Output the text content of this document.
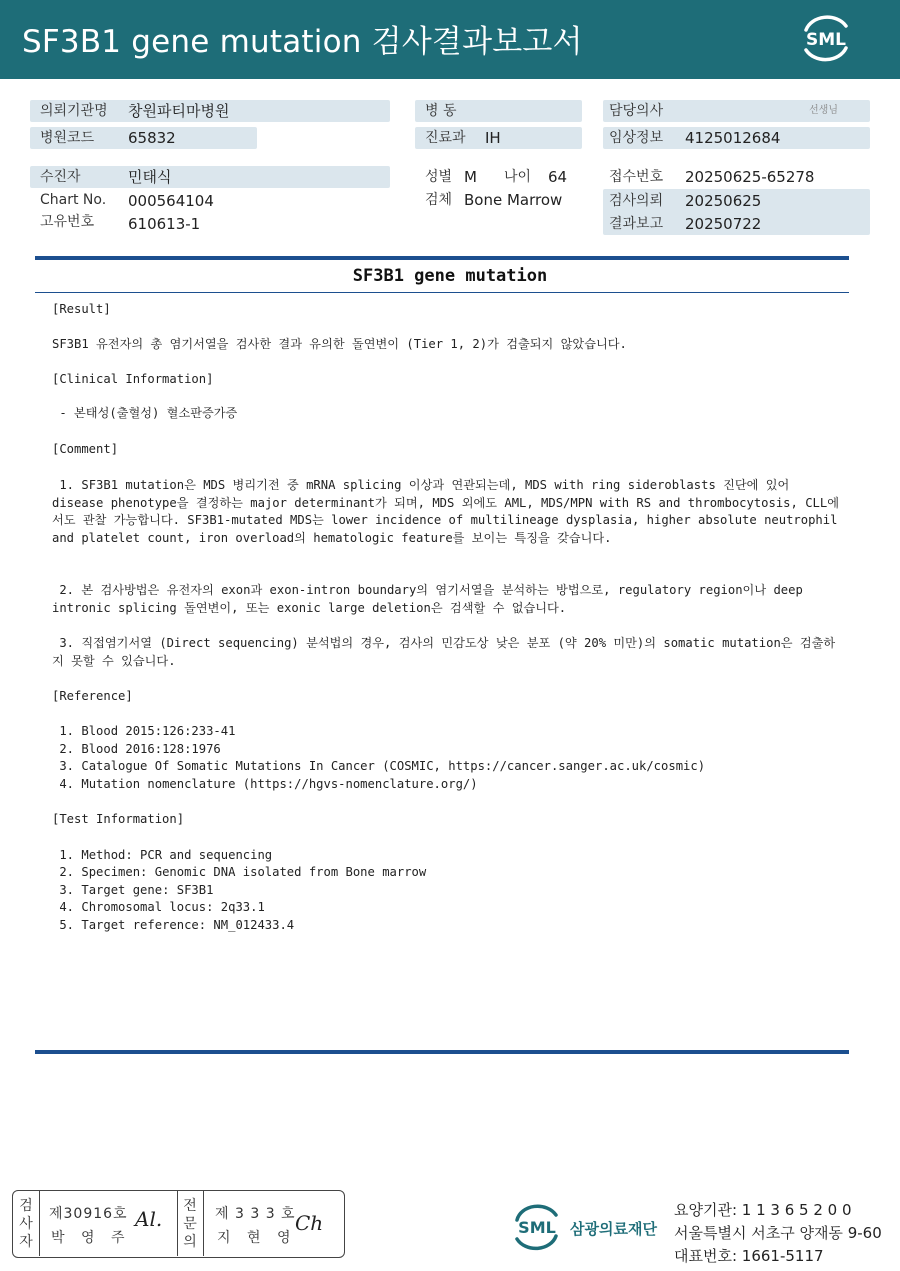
SF3B1 gene mutation 검사결과보고서	SML
의뢰기관명 창원파티마병원
병원코드 65832
수진자	민태식
Chart No. 000564104
고유번호 610613-1
병 동
진료과 IH
성별 M 나이 64
검체 Bone Marrow
담당의사	선생님
임상정보 4125012684
접수번호 20250625-65278
검사의뢰 20250625
결과보고 20250722
SF3B1 gene mutation
[Result]
SF3B1 유전자의 총 염기서열을 검사한 결과 유의한 돌연변이 (Tier 1, 2)가 검출되지 않았습니다.
[Clinical Information]
- 본태성(출혈성) 혈소판증가증
[Comment]
1. SF3B1 mutation은 MDS 병리기전 중 mRNA splicing 이상과 연관되는데, MDS with ring sideroblasts 진단에 있어 disease phenotype을 결정하는 major determinant가 되며, MDS 외에도 AML, MDS/MPN with RS and thrombocytosis, CLL에서도 관찰 가능합니다. SF3B1-mutated MDS는 lower incidence of multilineage dysplasia, higher absolute neutrophil and platelet count, iron overload의 hematologic feature를 보이는 특징을 갖습니다.
2. 본 검사방법은 유전자의 exon과 exon-intron boundary의 염기서열을 분석하는 방법으로, regulatory region이나 deep intronic splicing 돌연변이, 또는 exonic large deletion은 검색할 수 없습니다.
3. 직접염기서열 (Direct sequencing) 분석법의 경우, 검사의 민감도상 낮은 분포 (약 20% 미만)의 somatic mutation은 검출하지 못할 수 있습니다.
[Reference]
1. Blood 2015:126:233-41
2. Blood 2016:128:1976
3. Catalogue Of Somatic Mutations In Cancer (COSMIC, https://cancer.sanger.ac.uk/cosmic)
4. Mutation nomenclature (https://hgvs-nomenclature.org/)
[Test Information]
1. Method: PCR and sequencing
2. Specimen: Genomic DNA isolated from Bone marrow
3. Target gene: SF3B1
4. Chromosomal locus: 2q33.1
5. Target reference: NM_012433.4
검
사
자
제30916호
박 영 주
Al.
전
문
의
제 3 3 3 호
지 현 영
Ch	SML 삼광의료재단
요양기관: 1 1 3 6 5 2 0 0
서울특별시 서초구 양재동 9-60
대표번호: 1661-5117
